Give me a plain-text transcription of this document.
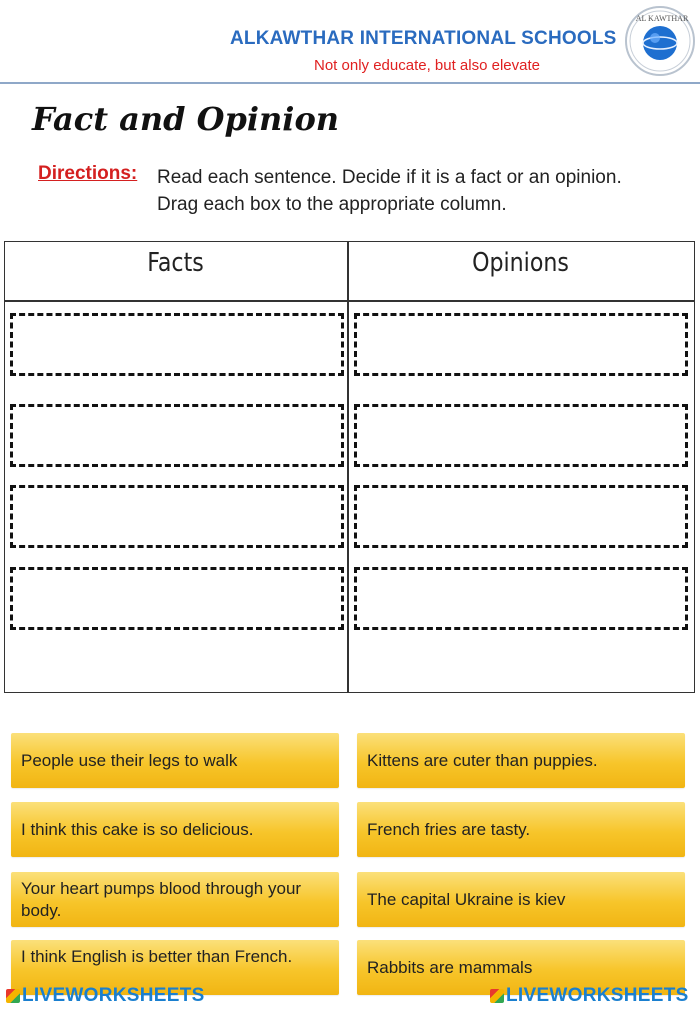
ALKAWTHAR INTERNATIONAL SCHOOLS
Not only educate, but also elevate
AL KAWTHAR
Fact and Opinion
Directions: Read each sentence. Decide if it is a fact or an opinion.
Drag each box to the appropriate column.
Facts	Opinions
People use their legs to walk	Kittens are cuter than puppies.
I think this cake is so delicious.	French fries are tasty.
Your heart pumps blood through your body.
The capital Ukraine is kiev
I think English is better than French.
Rabbits are mammals
LIVEWORKSHEETS	LIVEWORKSHEETS
